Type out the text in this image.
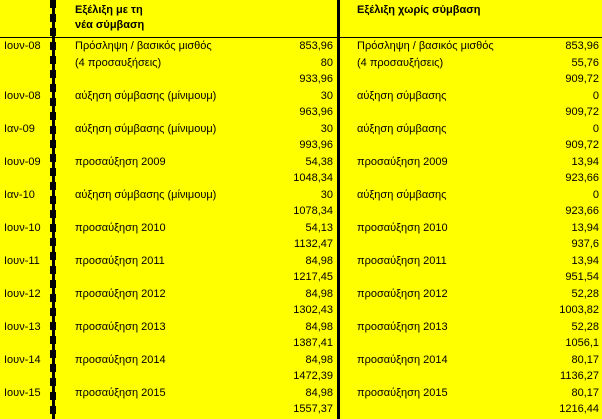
Εξέλιξη με τη
νέα σύμβαση
Εξέλιξη χωρίς σύμβαση
Ιουν-08	Πρόσληψη / βασικός μισθός	853,96 Πρόσληψη / βασικός μισθός	853,96
(4 προσαυξήσεις)	80 (4 προσαυξήσεις)	55,76
933,96	909,72
Ιουν-08	αύξηση σύμβασης (μίνιμουμ)	30 αύξηση σύμβασης	0
963,96	909,72
Ιαν-09	αύξηση σύμβασης (μίνιμουμ)	30 αύξηση σύμβασης	0
993,96	909,72
Ιουν-09	προσαύξηση 2009	54,38 προσαύξηση 2009	13,94
1048,34	923,66
Ιαν-10	αύξηση σύμβασης (μίνιμουμ)	30 αύξηση σύμβασης	0
1078,34	923,66
Ιουν-10	προσαύξηση 2010	54,13 προσαύξηση 2010	13,94
1132,47	937,6
Ιουν-11	προσαύξηση 2011	84,98 προσαύξηση 2011	13,94
1217,45	951,54
Ιουν-12	προσαύξηση 2012	84,98 προσαύξηση 2012	52,28
1302,43	1003,82
Ιουν-13	προσαύξηση 2013	84,98 προσαύξηση 2013	52,28
1387,41	1056,1
Ιουν-14	προσαύξηση 2014	84,98 προσαύξηση 2014	80,17
1472,39	1136,27
Ιουν-15	προσαύξηση 2015	84,98 προσαύξηση 2015	80,17
1557,37	1216,44
